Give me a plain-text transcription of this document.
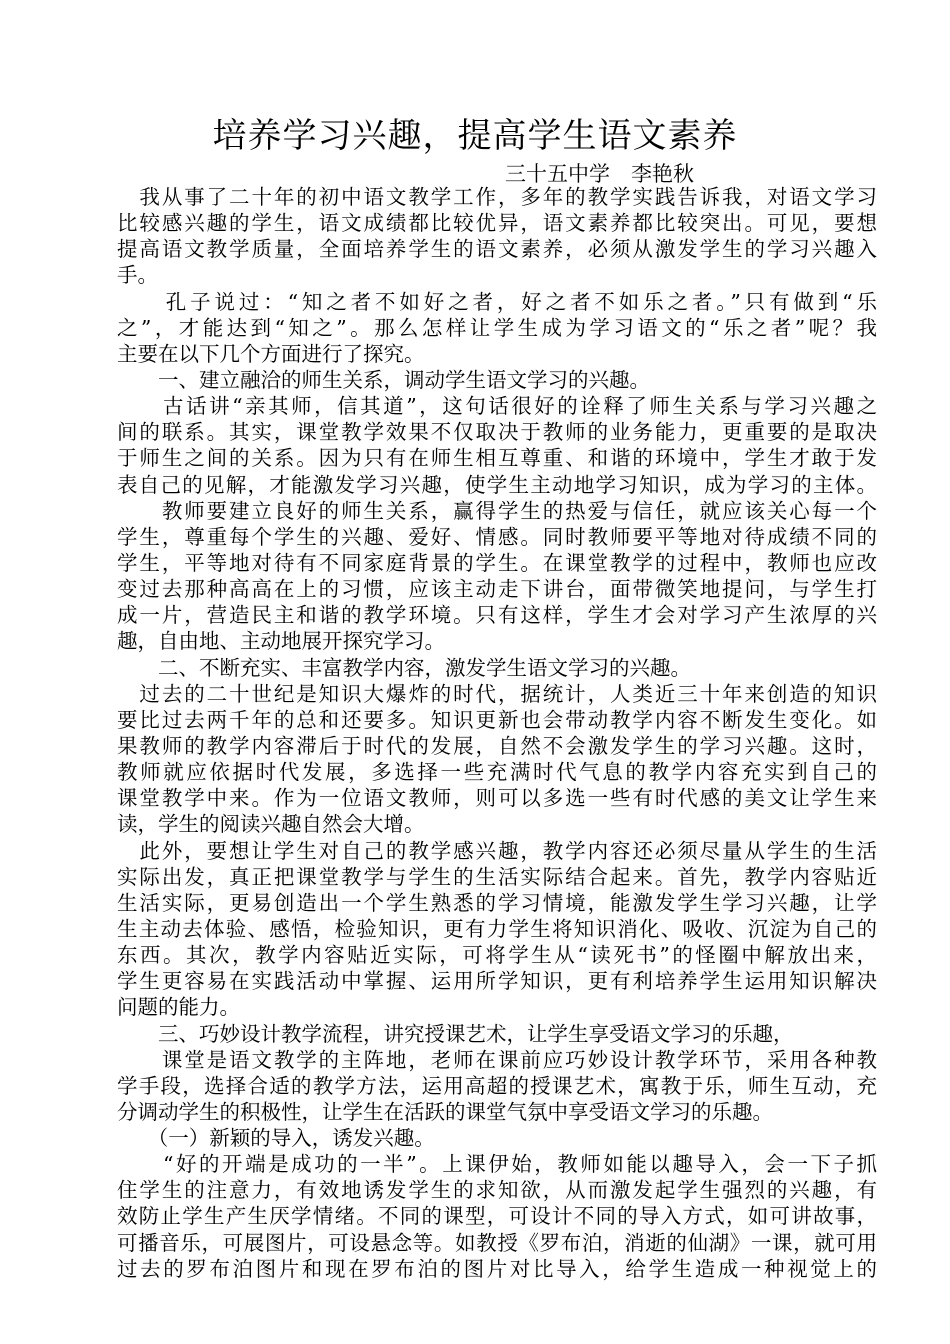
培养学习兴趣，提高学生语文素养
三十五中学　李艳秋
　我从事了二十年的初中语文教学工作，多年的教学实践告诉我，对语文学习
比较感兴趣的学生，语文成绩都比较优异，语文素养都比较突出。可见，要想
提高语文教学质量，全面培养学生的语文素养，必须从激发学生的学习兴趣入
手。
　　孔子说过：“知之者不如好之者，好之者不如乐之者。”只有做到“乐
之”，才能达到“知之”。那么怎样让学生成为学习语文的“乐之者”呢？我
主要在以下几个方面进行了探究。
　　一、建立融洽的师生关系，调动学生语文学习的兴趣。
　　古话讲“亲其师，信其道”，这句话很好的诠释了师生关系与学习兴趣之
间的联系。其实，课堂教学效果不仅取决于教师的业务能力，更重要的是取决
于师生之间的关系。因为只有在师生相互尊重、和谐的环境中，学生才敢于发
表自己的见解，才能激发学习兴趣，使学生主动地学习知识，成为学习的主体。
　　教师要建立良好的师生关系，赢得学生的热爱与信任，就应该关心每一个
学生，尊重每个学生的兴趣、爱好、情感。同时教师要平等地对待成绩不同的
学生，平等地对待有不同家庭背景的学生。在课堂教学的过程中，教师也应改
变过去那种高高在上的习惯，应该主动走下讲台，面带微笑地提问，与学生打
成一片，营造民主和谐的教学环境。只有这样，学生才会对学习产生浓厚的兴
趣，自由地、主动地展开探究学习。
　　二、不断充实、丰富教学内容，激发学生语文学习的兴趣。
　过去的二十世纪是知识大爆炸的时代，据统计，人类近三十年来创造的知识
要比过去两千年的总和还要多。知识更新也会带动教学内容不断发生变化。如
果教师的教学内容滞后于时代的发展，自然不会激发学生的学习兴趣。这时，
教师就应依据时代发展，多选择一些充满时代气息的教学内容充实到自己的
课堂教学中来。作为一位语文教师，则可以多选一些有时代感的美文让学生来
读，学生的阅读兴趣自然会大增。
　此外，要想让学生对自己的教学感兴趣，教学内容还必须尽量从学生的生活
实际出发，真正把课堂教学与学生的生活实际结合起来。首先，教学内容贴近
生活实际，更易创造出一个学生熟悉的学习情境，能激发学生学习兴趣，让学
生主动去体验、感悟，检验知识，更有力学生将知识消化、吸收、沉淀为自己的
东西。其次，教学内容贴近实际，可将学生从“读死书”的怪圈中解放出来，
学生更容易在实践活动中掌握、运用所学知识，更有利培养学生运用知识解决
问题的能力。
　　三、巧妙设计教学流程，讲究授课艺术，让学生享受语文学习的乐趣，
　　课堂是语文教学的主阵地，老师在课前应巧妙设计教学环节，采用各种教
学手段，选择合适的教学方法，运用高超的授课艺术，寓教于乐，师生互动，充
分调动学生的积极性，让学生在活跃的课堂气氛中享受语文学习的乐趣。
　　（一）新颖的导入，诱发兴趣。
　　“好的开端是成功的一半”。上课伊始，教师如能以趣导入，会一下子抓
住学生的注意力，有效地诱发学生的求知欲，从而激发起学生强烈的兴趣，有
效防止学生产生厌学情绪。不同的课型，可设计不同的导入方式，如可讲故事，
可播音乐，可展图片，可设悬念等。如教授《罗布泊，消逝的仙湖》一课，就可用
过去的罗布泊图片和现在罗布泊的图片对比导入，给学生造成一种视觉上的
